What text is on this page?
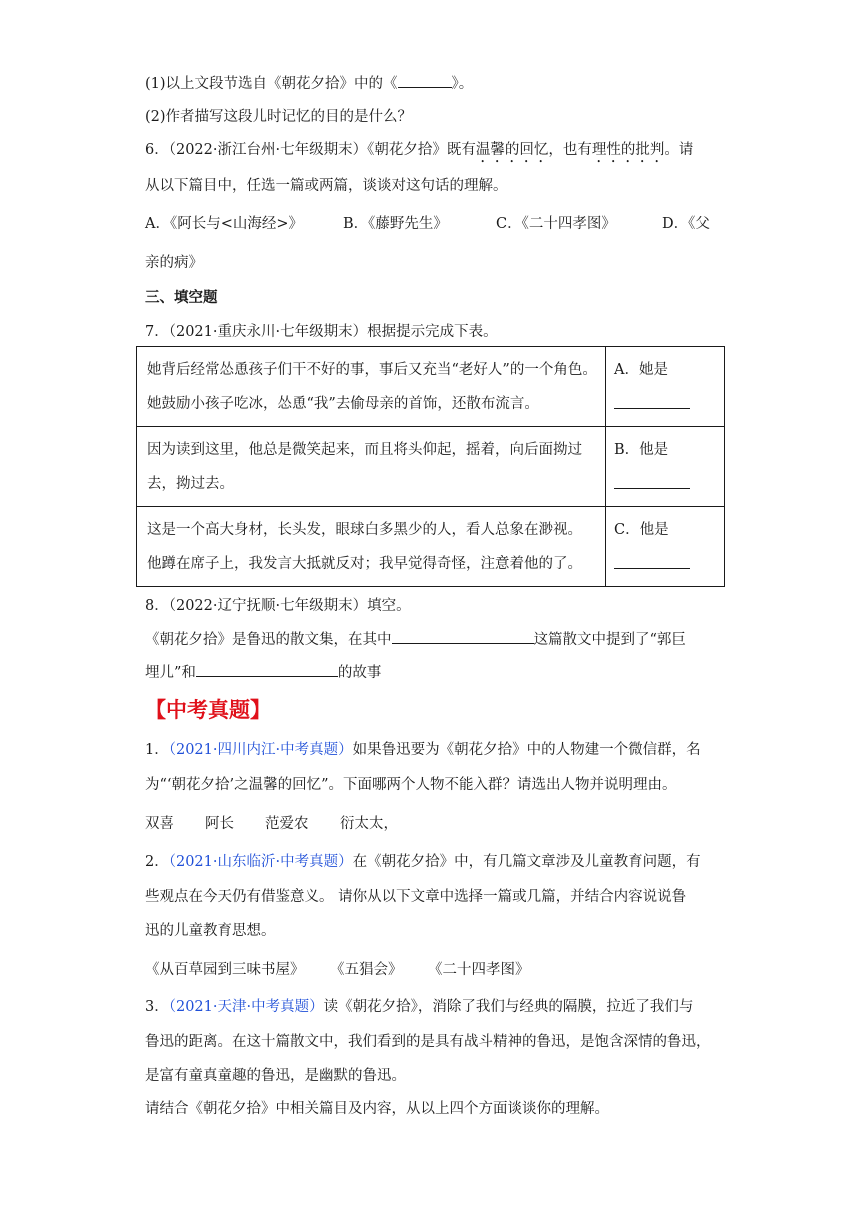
(1)以上文段节选自《朝花夕拾》中的《	》。
(2)作者描写这段儿时记忆的目的是什么？
6．（2022·浙江台州·七年级期末）《朝花夕拾》既有温馨的回忆，也有理性的批判。请
从以下篇目中，任选一篇或两篇，谈谈对这句话的理解。
A．《阿长与<山海经>》	B．《藤野先生》	C．《二十四孝图》	D．《父
亲的病》
三、填空题
7．（2021·重庆永川·七年级期末）根据提示完成下表。
她背后经常怂恿孩子们干不好的事，事后又充当“老好人”的一个角色。
她鼓励小孩子吃冰，怂恿“我”去偷母亲的首饰，还散布流言。	A．她是

因为读到这里，他总是微笑起来，而且将头仰起，摇着，向后面拗过
去，拗过去。	B．他是

这是一个高大身材，长头发，眼球白多黑少的人，看人总象在渺视。
他蹲在席子上，我发言大抵就反对；我早觉得奇怪，注意着他的了。	C．他是
8．（2022·辽宁抚顺·七年级期末）填空。
《朝花夕拾》是鲁迅的散文集，在其中	这篇散文中提到了“郭巨
埋儿”和	的故事
【中考真题】
1．（2021·四川内江·中考真题）如果鲁迅要为《朝花夕拾》中的人物建一个微信群，名
为“‘朝花夕拾’之温馨的回忆”。下面哪两个人物不能入群？请选出人物并说明理由。
双喜 阿长 范爱农 衍太太，
2．（2021·山东临沂·中考真题）在《朝花夕拾》中，有几篇文章涉及儿童教育问题，有
些观点在今天仍有借鉴意义。 请你从以下文章中选择一篇或几篇，并结合内容说说鲁
迅的儿童教育思想。
《从百草园到三味书屋》 《五猖会》 《二十四孝图》
3．（2021·天津·中考真题）读《朝花夕拾》，消除了我们与经典的隔膜，拉近了我们与
鲁迅的距离。在这十篇散文中，我们看到的是具有战斗精神的鲁迅，是饱含深情的鲁迅，
是富有童真童趣的鲁迅，是幽默的鲁迅。
请结合《朝花夕拾》中相关篇目及内容，从以上四个方面谈谈你的理解。
